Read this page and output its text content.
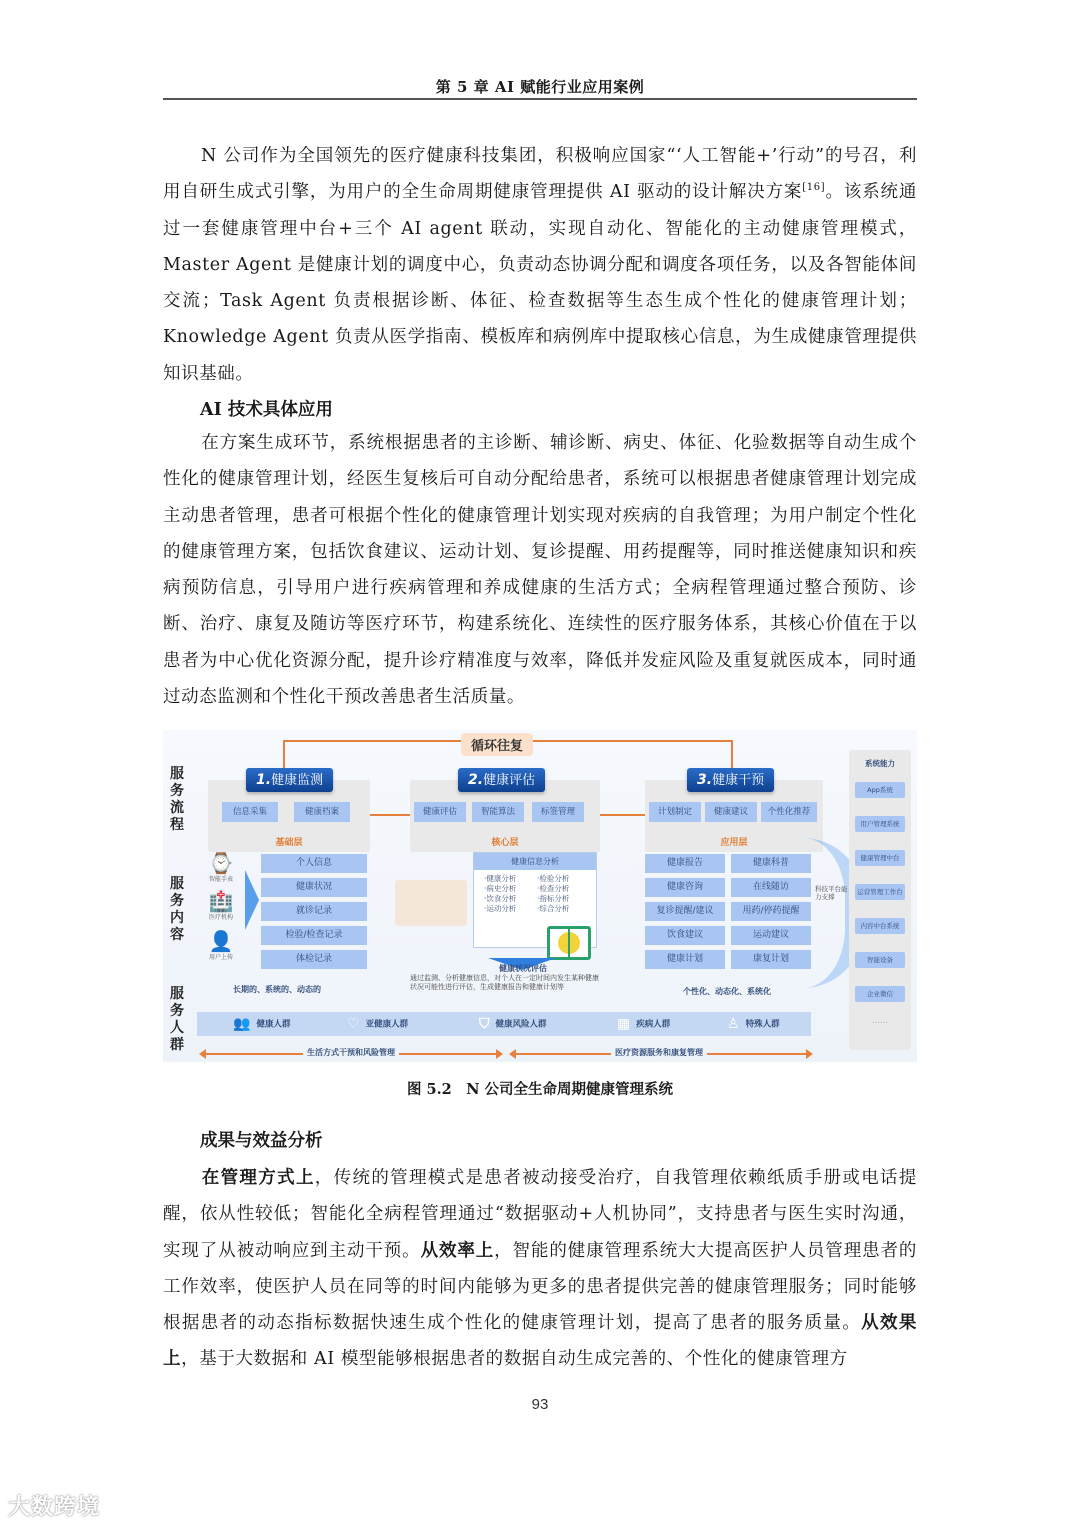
第 5 章 AI 赋能行业应用案例
N 公司作为全国领先的医疗健康科技集团，积极响应国家“‘人工智能+’行动”的号召，利用自研生成式引擎，为用户的全生命周期健康管理提供 AI 驱动的设计解决方案[16]。该系统通过一套健康管理中台+三个 AI agent 联动，实现自动化、智能化的主动健康管理模式，Master Agent 是健康计划的调度中心，负责动态协调分配和调度各项任务，以及各智能体间交流；Task Agent 负责根据诊断、体征、检查数据等生态生成个性化的健康管理计划；Knowledge Agent 负责从医学指南、模板库和病例库中提取核心信息，为生成健康管理提供知识基础。
AI 技术具体应用
在方案生成环节，系统根据患者的主诊断、辅诊断、病史、体征、化验数据等自动生成个性化的健康管理计划，经医生复核后可自动分配给患者，系统可以根据患者健康管理计划完成主动患者管理，患者可根据个性化的健康管理计划实现对疾病的自我管理；为用户制定个性化的健康管理方案，包括饮食建议、运动计划、复诊提醒、用药提醒等，同时推送健康知识和疾病预防信息，引导用户进行疾病管理和养成健康的生活方式；全病程管理通过整合预防、诊断、治疗、康复及随访等医疗环节，构建系统化、连续性的医疗服务体系，其核心价值在于以患者为中心优化资源分配，提升诊疗精准度与效率，降低并发症风险及重复就医成本，同时通过动态监测和个性化干预改善患者生活质量。
服务流程
服务内容
服务人群
循环往复
1.健康监测
信息采集	健康档案
基础层
2.健康评估
健康评估	智能算法	标签管理
核心层
3.健康干预
计划制定	健康建议	个性化推荐
应用层
⌚
智能手表
🏥
医疗机构
👤
用户上传
个人信息
健康状况
就诊记录
检验/检查记录
体检记录
长期的、系统的、动态的
健康信息分析
·健康分析	·检验分析
·病史分析	·检查分析
·饮食分析	·指标分析
·运动分析	·综合分析
健康状况评估
通过监测、分析健康信息，对个人在一定时间内发生某种健康状况可能性进行评估，生成健康报告和健康计划等
健康报告	健康科普
健康咨询	在线随访
复诊提醒/建议	用药/停药提醒
饮食建议	运动建议
健康计划	康复计划
个性化、动态化、系统化
科技平台能力支撑
系统能力
App系统
用户管理系统
健康管理中台
运营管理工作台
内容中台系统
智能设备
企业微信
......
👥 健康人群	♡ 亚健康人群	⛉ 健康风险人群	▦ 疾病人群	♙ 特殊人群
生活方式干预和风险管理	医疗资源服务和康复管理
图 5.2　N 公司全生命周期健康管理系统
成果与效益分析
在管理方式上，传统的管理模式是患者被动接受治疗，自我管理依赖纸质手册或电话提醒，依从性较低；智能化全病程管理通过“数据驱动+人机协同”，支持患者与医生实时沟通，实现了从被动响应到主动干预。从效率上，智能的健康管理系统大大提高医护人员管理患者的工作效率，使医护人员在同等的时间内能够为更多的患者提供完善的健康管理服务；同时能够根据患者的动态指标数据快速生成个性化的健康管理计划，提高了患者的服务质量。从效果上，基于大数据和 AI 模型能够根据患者的数据自动生成完善的、个性化的健康管理方
93
大数跨境
